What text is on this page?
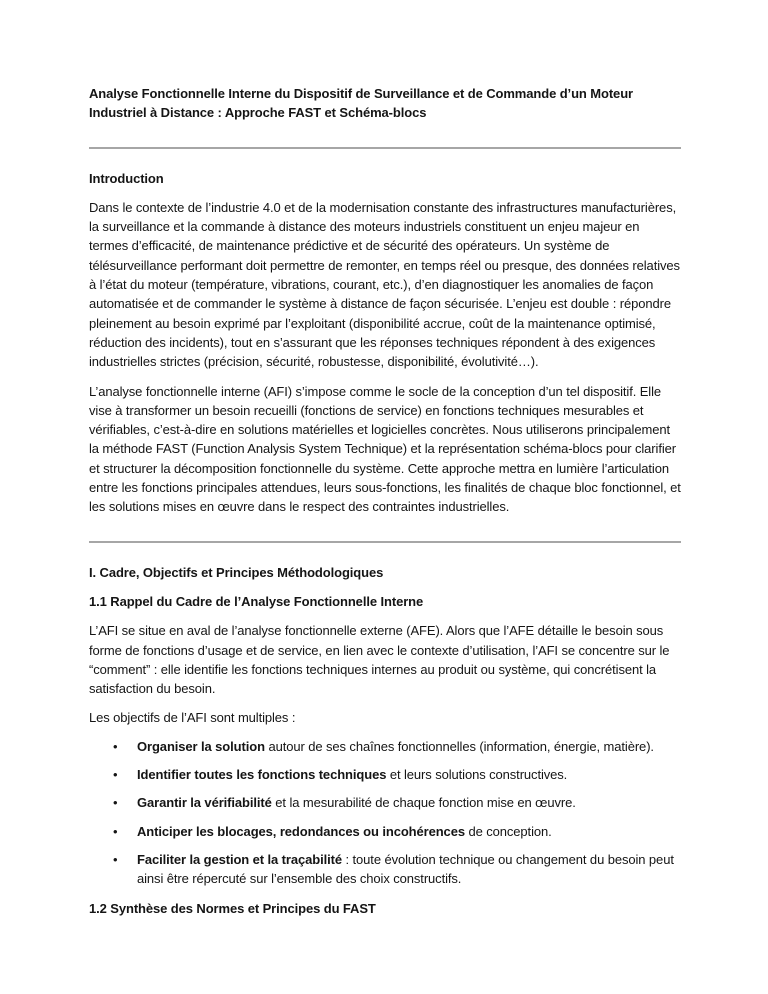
Analyse Fonctionnelle Interne du Dispositif de Surveillance et de Commande d’un Moteur Industriel à Distance : Approche FAST et Schéma-blocs
Introduction

Dans le contexte de l’industrie 4.0 et de la modernisation constante des infrastructures manufacturières, la surveillance et la commande à distance des moteurs industriels constituent un enjeu majeur en termes d’efficacité, de maintenance prédictive et de sécurité des opérateurs. Un système de télésurveillance performant doit permettre de remonter, en temps réel ou presque, des données relatives à l’état du moteur (température, vibrations, courant, etc.), d’en diagnostiquer les anomalies de façon automatisée et de commander le système à distance de façon sécurisée. L’enjeu est double : répondre pleinement au besoin exprimé par l’exploitant (disponibilité accrue, coût de la maintenance optimisé, réduction des incidents), tout en s’assurant que les réponses techniques répondent à des exigences industrielles strictes (précision, sécurité, robustesse, disponibilité, évolutivité…).

L’analyse fonctionnelle interne (AFI) s’impose comme le socle de la conception d’un tel dispositif. Elle vise à transformer un besoin recueilli (fonctions de service) en fonctions techniques mesurables et vérifiables, c’est-à-dire en solutions matérielles et logicielles concrètes. Nous utiliserons principalement la méthode FAST (Function Analysis System Technique) et la représentation schéma-blocs pour clarifier et structurer la décomposition fonctionnelle du système. Cette approche mettra en lumière l’articulation entre les fonctions principales attendues, leurs sous-fonctions, les finalités de chaque bloc fonctionnel, et les solutions mises en œuvre dans le respect des contraintes industrielles.

I. Cadre, Objectifs et Principes Méthodologiques
1.1 Rappel du Cadre de l’Analyse Fonctionnelle Interne

L’AFI se situe en aval de l’analyse fonctionnelle externe (AFE). Alors que l’AFE détaille le besoin sous forme de fonctions d’usage et de service, en lien avec le contexte d’utilisation, l’AFI se concentre sur le “comment” : elle identifie les fonctions techniques internes au produit ou système, qui concrétisent la satisfaction du besoin.

Les objectifs de l’AFI sont multiples :

• Organiser la solution autour de ses chaînes fonctionnelles (information, énergie, matière).
• Identifier toutes les fonctions techniques et leurs solutions constructives.
• Garantir la vérifiabilité et la mesurabilité de chaque fonction mise en œuvre.
• Anticiper les blocages, redondances ou incohérences de conception.
• Faciliter la gestion et la traçabilité : toute évolution technique ou changement du besoin peut ainsi être répercuté sur l’ensemble des choix constructifs.
1.2 Synthèse des Normes et Principes du FAST
